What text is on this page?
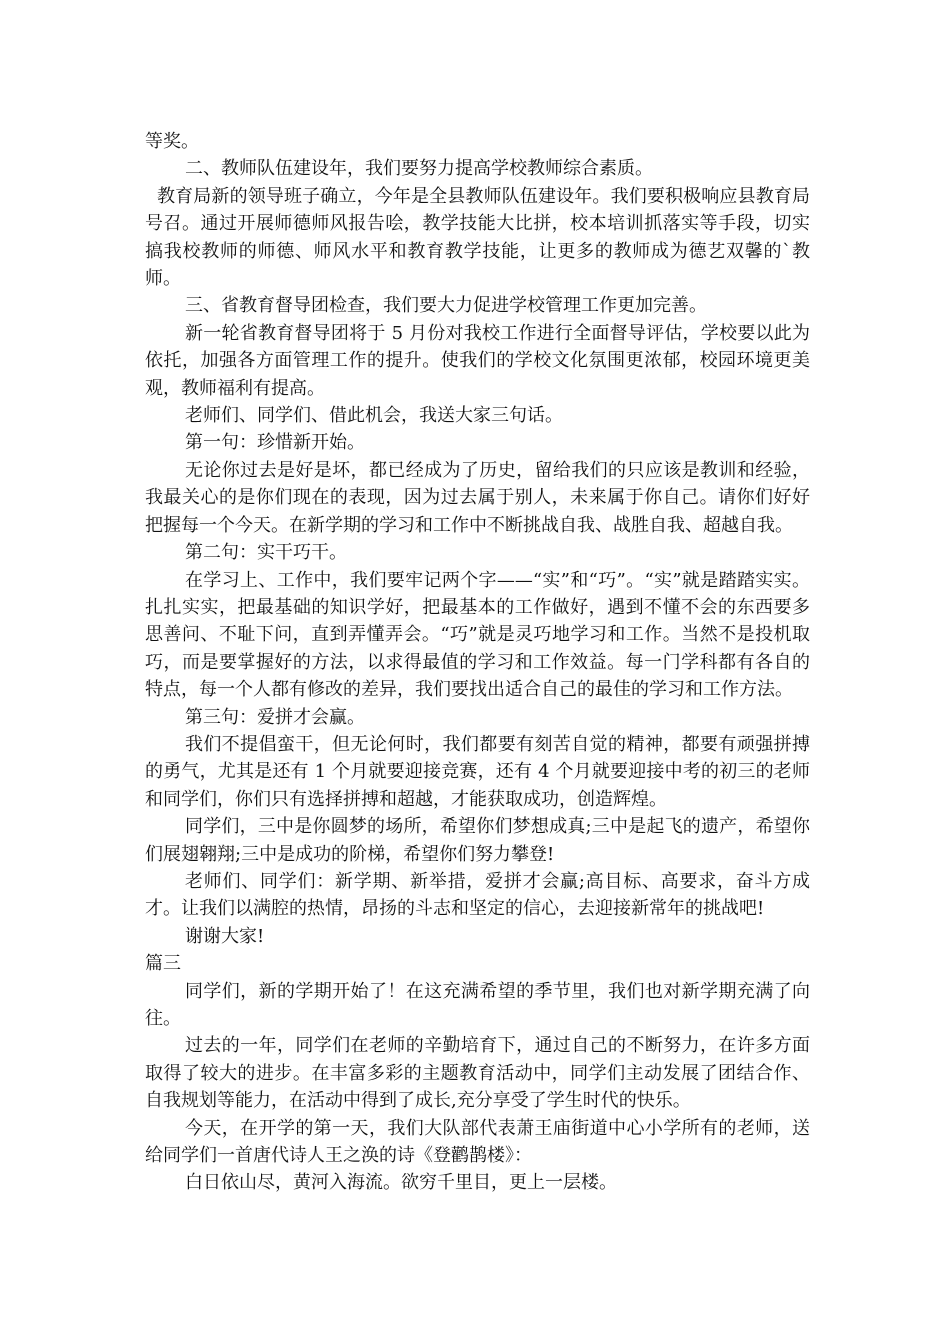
等奖。

二、教师队伍建设年，我们要努力提高学校教师综合素质。

教育局新的领导班子确立，今年是全县教师队伍建设年。我们要积极响应县教育局号召。通过开展师德师风报告哙，教学技能大比拼，校本培训抓落实等手段，切实搞我校教师的师德、师风水平和教育教学技能，让更多的教师成为德艺双馨的`教师。

三、省教育督导团检查，我们要大力促进学校管理工作更加完善。

新一轮省教育督导团将于 5 月份对我校工作进行全面督导评估，学校要以此为依托，加强各方面管理工作的提升。使我们的学校文化氛围更浓郁，校园环境更美观，教师福利有提高。

老师们、同学们、借此机会，我送大家三句话。

第一句：珍惜新开始。

无论你过去是好是坏，都已经成为了历史，留给我们的只应该是教训和经验，我最关心的是你们现在的表现，因为过去属于别人，未来属于你自己。请你们好好把握每一个今天。在新学期的学习和工作中不断挑战自我、战胜自我、超越自我。

第二句：实干巧干。

在学习上、工作中，我们要牢记两个字——“实”和“巧”。“实”就是踏踏实实。扎扎实实，把最基础的知识学好，把最基本的工作做好，遇到不懂不会的东西要多思善问、不耻下问，直到弄懂弄会。“巧”就是灵巧地学习和工作。当然不是投机取巧，而是要掌握好的方法，以求得最值的学习和工作效益。每一门学科都有各自的特点，每一个人都有修改的差异，我们要找出适合自己的最佳的学习和工作方法。

第三句：爱拼才会赢。

我们不提倡蛮干，但无论何时，我们都要有刻苦自觉的精神，都要有顽强拼搏的勇气，尤其是还有 1 个月就要迎接竞赛，还有 4 个月就要迎接中考的初三的老师和同学们，你们只有选择拼搏和超越，才能获取成功，创造辉煌。

同学们，三中是你圆梦的场所，希望你们梦想成真;三中是起飞的遗产，希望你们展翅翱翔;三中是成功的阶梯，希望你们努力攀登!

老师们、同学们：新学期、新举措，爱拼才会赢;高目标、高要求，奋斗方成才。让我们以满腔的热情，昂扬的斗志和坚定的信心，去迎接新常年的挑战吧!

谢谢大家!

篇三

同学们，新的学期开始了！在这充满希望的季节里，我们也对新学期充满了向往。

过去的一年，同学们在老师的辛勤培育下，通过自己的不断努力，在许多方面取得了较大的进步。在丰富多彩的主题教育活动中，同学们主动发展了团结合作、自我规划等能力，在活动中得到了成长,充分享受了学生时代的快乐。

今天，在开学的第一天，我们大队部代表萧王庙街道中心小学所有的老师，送给同学们一首唐代诗人王之涣的诗《登鹳鹊楼》：

白日依山尽，黄河入海流。欲穷千里目，更上一层楼。
